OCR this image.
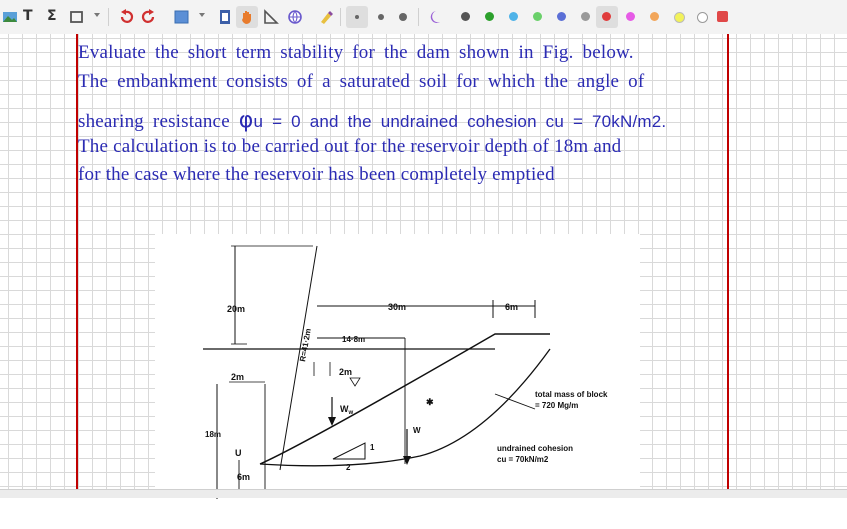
T Σ
Evaluate the short term stability for the dam shown in Fig. below.
The embankment consists of a saturated soil for which the angle of
shearing resistance φu = 0 and the undrained cohesion cu = 70kN/m2.
The calculation is to be carried out for the reservoir depth of 18m and
for the case where the reservoir has been completely emptied
20m	30m	6m
14·8m
R=41·2m
2m	2m
18m
U
6m
$W_w$
W
1
2
total mass of block
= 720 Mg/m
undrained cohesion
cu = 70kN/m2
✱
